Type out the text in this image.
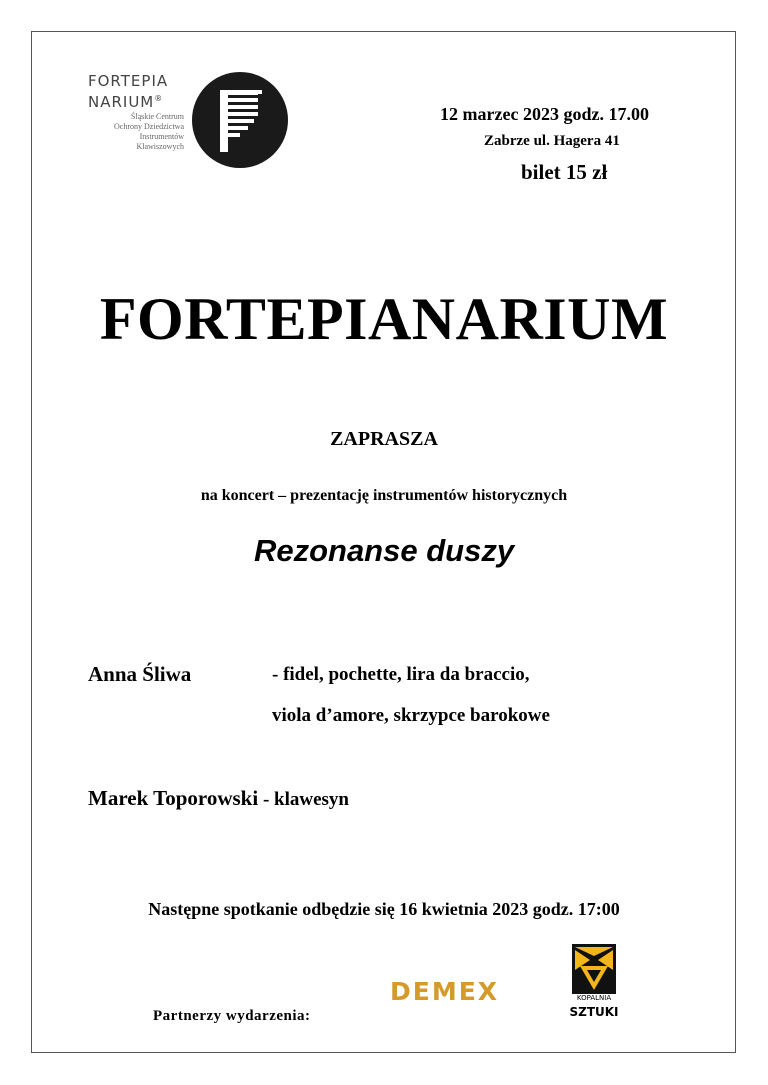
FORTEPIA
NARIUM®
Śląskie Centrum
Ochrony Dziedzictwa
Instrumentów
Klawiszowych
12 marzec 2023 godz. 17.00
Zabrze ul. Hagera 41
bilet 15 zł
FORTEPIANARIUM
ZAPRASZA
na koncert – prezentację instrumentów historycznych
Rezonanse duszy
Anna Śliwa	- fidel, pochette, lira da braccio,
viola d’amore, skrzypce barokowe
Marek Toporowski - klawesyn
Następne spotkanie odbędzie się 16 kwietnia 2023 godz. 17:00
Partnerzy wydarzenia:
DEMEX	KOPALNIA
SZTUKI
